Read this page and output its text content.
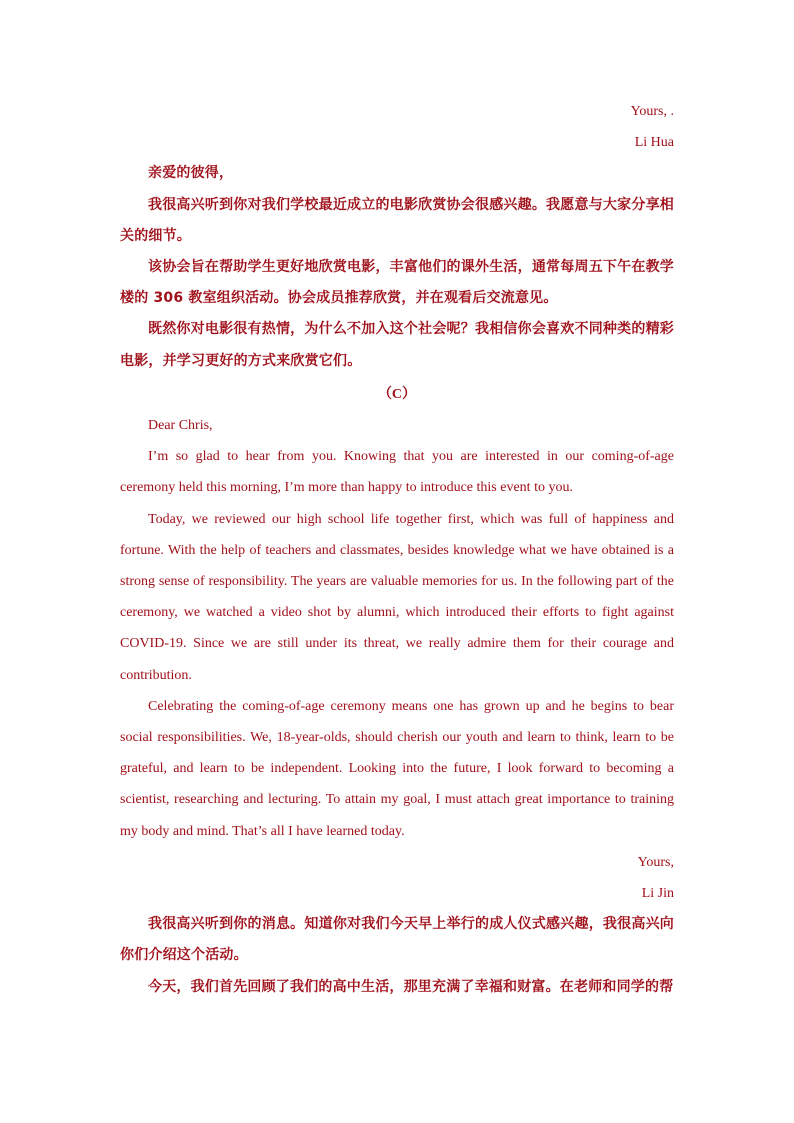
Yours, .
Li Hua
亲爱的彼得，

我很高兴听到你对我们学校最近成立的电影欣赏协会很感兴趣。我愿意与大家分享相关的细节。

该协会旨在帮助学生更好地欣赏电影，丰富他们的课外生活，通常每周五下午在教学楼的 306 教室组织活动。协会成员推荐欣赏，并在观看后交流意见。

既然你对电影很有热情，为什么不加入这个社会呢？我相信你会喜欢不同种类的精彩电影，并学习更好的方式来欣赏它们。

（C）
Dear Chris,

I’m so glad to hear from you. Knowing that you are interested in our coming-of-age ceremony held this morning, I’m more than happy to introduce this event to you.

Today, we reviewed our high school life together first, which was full of happiness and fortune. With the help of teachers and classmates, besides knowledge what we have obtained is a strong sense of responsibility. The years are valuable memories for us. In the following part of the ceremony, we watched a video shot by alumni, which introduced their efforts to fight against COVID-19. Since we are still under its threat, we really admire them for their courage and contribution.

Celebrating the coming-of-age ceremony means one has grown up and he begins to bear social responsibilities. We, 18-year-olds, should cherish our youth and learn to think, learn to be grateful, and learn to be independent. Looking into the future, I look forward to becoming a scientist, researching and lecturing. To attain my goal, I must attach great importance to training my body and mind. That’s all I have learned today.

Yours,
Li Jin

我很高兴听到你的消息。知道你对我们今天早上举行的成人仪式感兴趣，我很高兴向你们介绍这个活动。

今天，我们首先回顾了我们的高中生活，那里充满了幸福和财富。在老师和同学的帮
